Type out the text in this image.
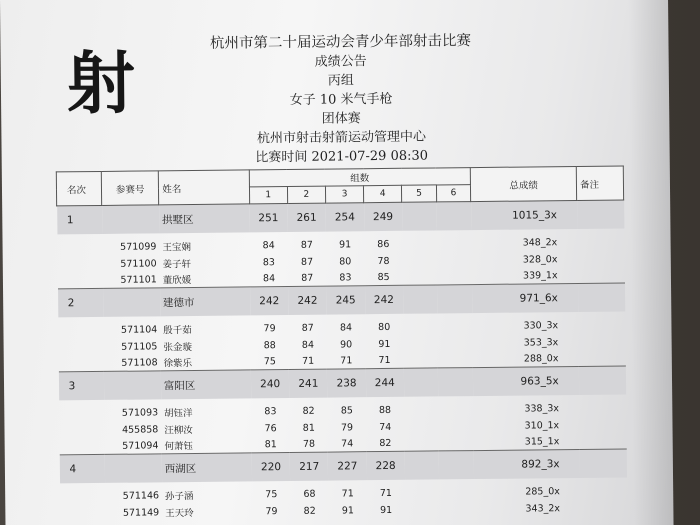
射
杭州市第二十届运动会青少年部射击比赛
成绩公告
丙组
女子 10 米气手枪
团体赛
杭州市射击射箭运动管理中心
比赛时间 2021-07-29 08:30
名次	参赛号	姓名	组数						总成绩	备注
			1	2	3	4	5	6		
1		拱墅区	251	261	254	249			1015_3x	
	571099	王宝娴	84	87	91	86			348_2x	
	571100	姜子轩	83	87	80	78			328_0x	
	571101	董欣媛	84	87	83	85			339_1x	
2		建德市	242	242	245	242			971_6x	
	571104	殷千茹	79	87	84	80			330_3x	
	571105	张金璇	88	84	90	91			353_3x	
	571108	徐紫乐	75	71	71	71			288_0x	
3		富阳区	240	241	238	244			963_5x	
	571093	胡钰洋	83	82	85	88			338_3x	
	455858	汪柳汝	76	81	79	74			310_1x	
	571094	何萧钰	81	78	74	82			315_1x	
4		西湖区	220	217	227	228			892_3x	
	571146	孙子涵	75	68	71	71			285_0x	
	571149	王天玲	79	82	91	91			343_2x	
